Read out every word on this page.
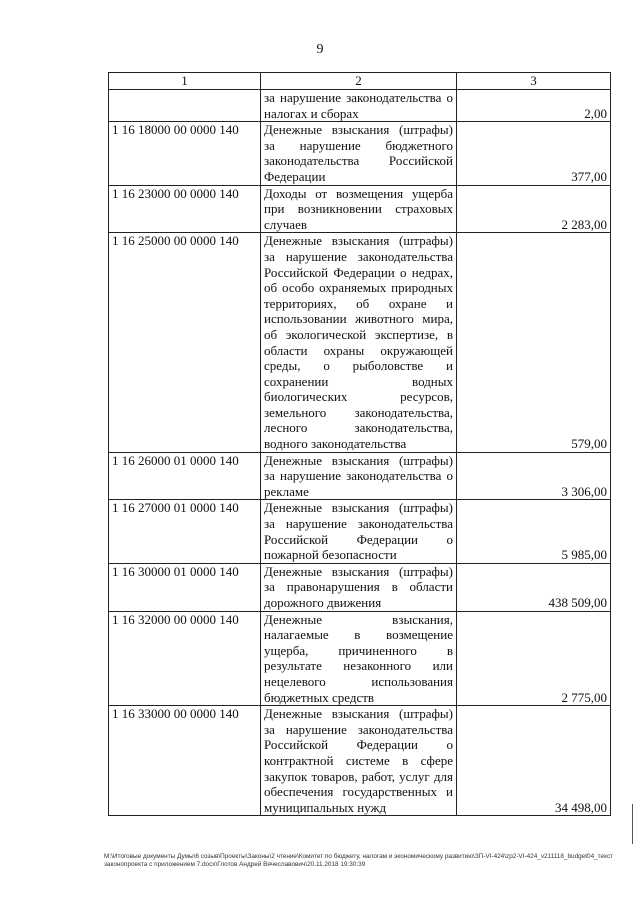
9
1	2	3
	за нарушение законодательства о налогах и сборах	2,00
1 16 18000 00 0000 140	Денежные взыскания (штрафы) за нарушение бюджетного законодательства Российской Федерации	377,00
1 16 23000 00 0000 140	Доходы от возмещения ущерба при возникновении страховых случаев	2 283,00
1 16 25000 00 0000 140	Денежные взыскания (штрафы) за нарушение законодательства Российской Федерации о недрах, об особо охраняемых природных территориях, об охране и использовании животного мира, об экологической экспертизе, в области охраны окружающей среды, о рыболовстве и сохранении водных биологических ресурсов, земельного законодательства, лесного законодательства, водного законодательства	579,00
1 16 26000 01 0000 140	Денежные взыскания (штрафы) за нарушение законодательства о рекламе	3 306,00
1 16 27000 01 0000 140	Денежные взыскания (штрафы) за нарушение законодательства Российской Федерации о пожарной безопасности	5 985,00
1 16 30000 01 0000 140	Денежные взыскания (штрафы) за правонарушения в области дорожного движения	438 509,00
1 16 32000 00 0000 140	Денежные взыскания, налагаемые в возмещение ущерба, причиненного в результате незаконного или нецелевого использования бюджетных средств	2 775,00
1 16 33000 00 0000 140	Денежные взыскания (штрафы) за нарушение законодательства Российской Федерации о контрактной системе в сфере закупок товаров, работ, услуг для обеспечения государственных и муниципальных нужд	34 498,00
M:\Итоговые документы Думы\6 созыв\Проекты\Законы\2 чтение\Комитет по бюджету, налогам и экономическому развитию\ЗП-VI-424\zp2-VI-424_v211118_budget04_текст законопроекта с приложением 7.docx\Глотов Андрей Вячеславович\20.11.2018 19:30:39
